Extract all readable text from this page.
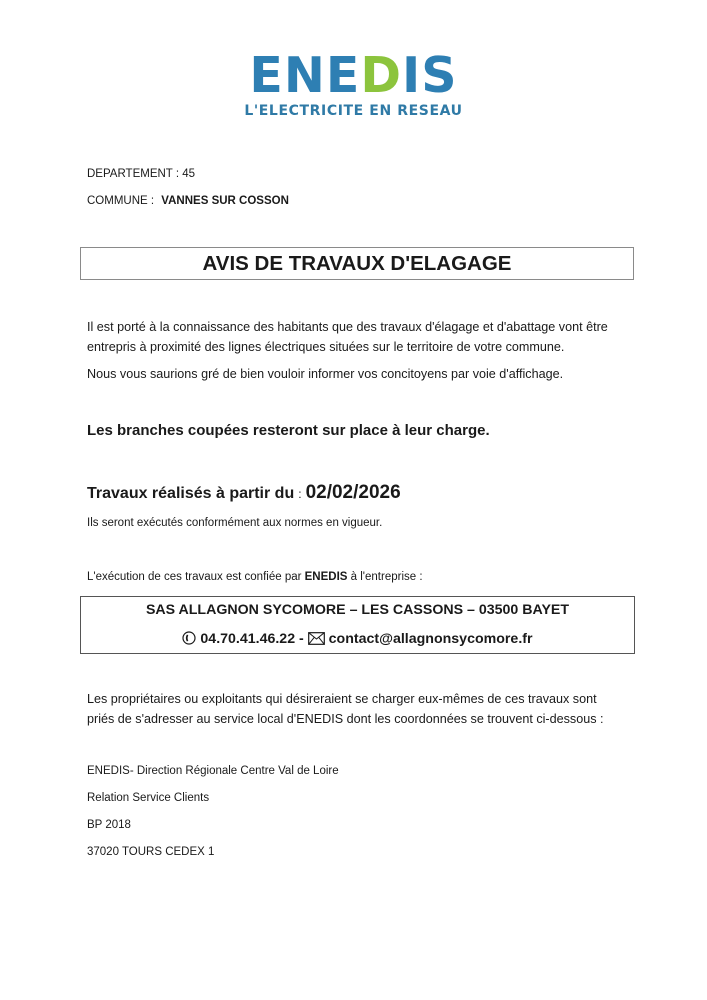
ENEDIS
L'ELECTRICITE EN RESEAU
DEPARTEMENT : 45
COMMUNE : VANNES SUR COSSON
AVIS DE TRAVAUX D'ELAGAGE
Il est porté à la connaissance des habitants que des travaux d'élagage et d'abattage vont être entrepris à proximité des lignes électriques situées sur le territoire de votre commune.
Nous vous saurions gré de bien vouloir informer vos concitoyens par voie d'affichage.
Les branches coupées resteront sur place à leur charge.
Travaux réalisés à partir du : 02/02/2026
Ils seront exécutés conformément aux normes en vigueur.
L'exécution de ces travaux est confiée par ENEDIS à l'entreprise :
SAS ALLAGNON SYCOMORE – LES CASSONS – 03500 BAYET
04.70.41.46.22 - contact@allagnonsycomore.fr
Les propriétaires ou exploitants qui désireraient se charger eux-mêmes de ces travaux sont priés de s'adresser au service local d'ENEDIS dont les coordonnées se trouvent ci-dessous :
ENEDIS- Direction Régionale Centre Val de Loire
Relation Service Clients
BP 2018
37020 TOURS CEDEX 1
